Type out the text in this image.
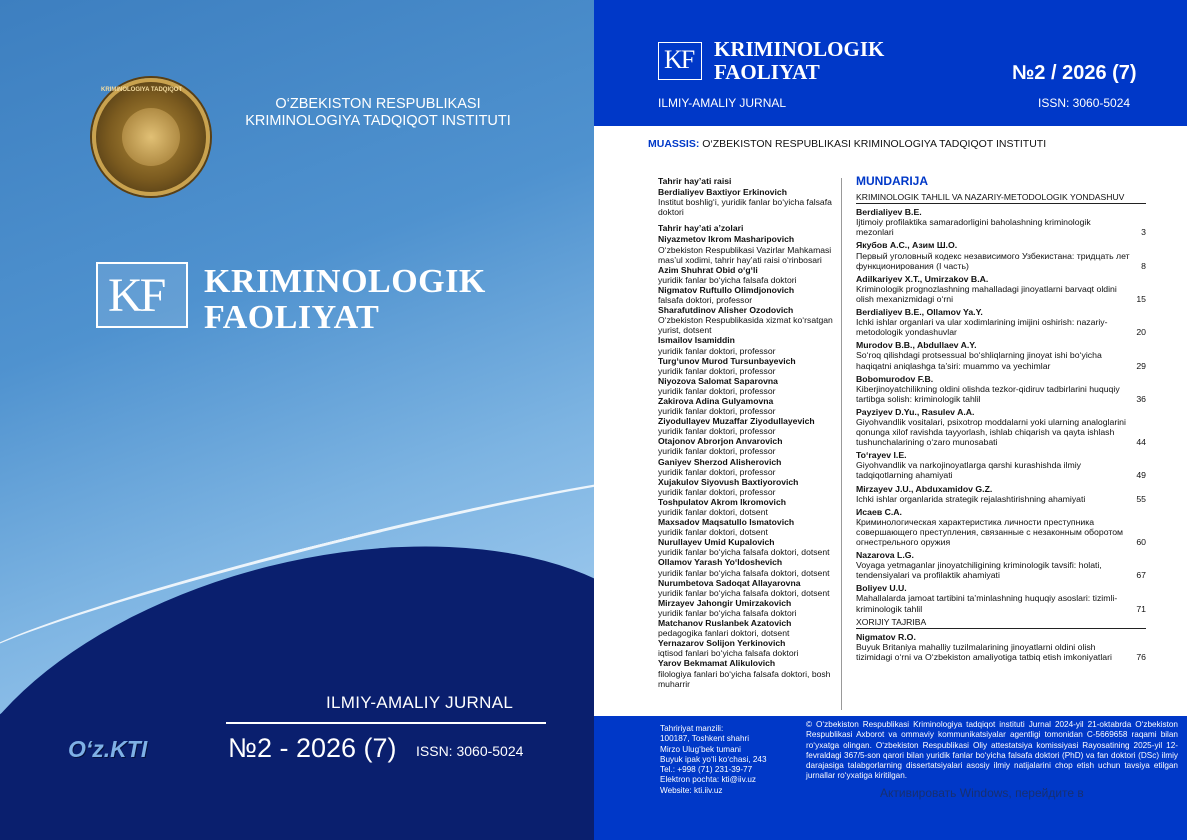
KRIMINOLOGIYA TADQIQOT
O‘ZBEKISTON RESPUBLIKASI
KRIMINOLOGIYA TADQIQOT INSTITUTI
KF KRIMINOLOGIK
FAOLIYAT
ILMIY-AMALIY JURNAL
O‘z.KTI	№2 - 2026 (7) ISSN: 3060-5024
KF KRIMINOLOGIK
FAOLIYAT	№2 / 2026 (7)
ILMIY-AMALIY JURNAL	ISSN: 3060-5024
MUASSIS: O‘ZBEKISTON RESPUBLIKASI KRIMINOLOGIYA TADQIQOT INSTITUTI
Tahrir hay’ati raisi
Berdialiyev Baxtiyor Erkinovich
Institut boshlig‘i, yuridik fanlar bo‘yicha falsafa doktori
Tahrir hay’ati a’zolari
Niyazmetov Ikrom Masharipovich
O‘zbekiston Respublikasi Vazirlar Mahkamasi mas’ul xodimi, tahrir hay’ati raisi o‘rinbosari
Azim Shuhrat Obid o‘g‘li
yuridik fanlar bo‘yicha falsafa doktori
Nigmatov Ruftullo Olimdjonovich
falsafa doktori, professor
Sharafutdinov Alisher Ozodovich
O‘zbekiston Respublikasida xizmat ko‘rsatgan yurist, dotsent
Ismailov Isamiddin
yuridik fanlar doktori, professor
Turg‘unov Murod Tursunbayevich
yuridik fanlar doktori, professor
Niyozova Salomat Saparovna
yuridik fanlar doktori, professor
Zakirova Adina Gulyamovna
yuridik fanlar doktori, professor
Ziyodullayev Muzaffar Ziyodullayevich
yuridik fanlar doktori, professor
Otajonov Abrorjon Anvarovich
yuridik fanlar doktori, professor
Ganiyev Sherzod Alisherovich
yuridik fanlar doktori, professor
Xujakulov Siyovush Baxtiyorovich
yuridik fanlar doktori, professor
Toshpulatov Akrom Ikromovich
yuridik fanlar doktori, dotsent
Maxsadov Maqsatullo Ismatovich
yuridik fanlar doktori, dotsent
Nurullayev Umid Kupalovich
yuridik fanlar bo‘yicha falsafa doktori, dotsent
Ollamov Yarash Yo‘ldoshevich
yuridik fanlar bo‘yicha falsafa doktori, dotsent
Nurumbetova Sadoqat Allayarovna
yuridik fanlar bo‘yicha falsafa doktori, dotsent
Mirzayev Jahongir Umirzakovich
yuridik fanlar bo‘yicha falsafa doktori
Matchanov Ruslanbek Azatovich
pedagogika fanlari doktori, dotsent
Yernazarov Solijon Yerkinovich
iqtisod fanlari bo‘yicha falsafa doktori
Yarov Bekmamat Alikulovich
filologiya fanlari bo‘yicha falsafa doktori, bosh muharrir
MUNDARIJA
KRIMINOLOGIK TAHLIL VA NAZARIY-METODOLOGIK YONDASHUV
Berdialiyev B.E.
Ijtimoiy profilaktika samaradorligini baholashning kriminologik mezonlari	3
Якубов А.С., Азим Ш.О.
Первый уголовный кодекс независимого Узбекистана: тридцать лет функционирования (I часть)	8
Adilkariyev X.T., Umirzakov B.A.
Kriminologik prognozlashning mahalladagi jinoyatlarni barvaqt oldini olish mexanizmidagi o‘rni	15
Berdialiyev B.E., Ollamov Ya.Y.
Ichki ishlar organlari va ular xodimlarining imijini oshirish: nazariy-metodologik yondashuvlar	20
Murodov B.B., Abdullaev A.Y.
So‘roq qilishdagi protsessual bo‘shliqlarning jinoyat ishi bo‘yicha haqiqatni aniqlashga ta’siri: muammo va yechimlar	29
Bobomurodov F.B.
Kiberjinoyatchilikning oldini olishda tezkor-qidiruv tadbirlarini huquqiy tartibga solish: kriminologik tahlil	36
Payziyev D.Yu., Rasulev A.A.
Giyohvandlik vositalari, psixotrop moddalarni yoki ularning analoglarini qonunga xilof ravishda tayyorlash, ishlab chiqarish va qayta ishlash tushunchalarining o‘zaro munosabati	44
To‘rayev I.E.
Giyohvandlik va narkojinoyatlarga qarshi kurashishda ilmiy tadqiqotlarning ahamiyati	49
Mirzayev J.U., Abduxamidov G.Z.
Ichki ishlar organlarida strategik rejalashtirishning ahamiyati	55
Исаев С.А.
Криминологическая характеристика личности преступника совершающего преступления, связанные с незаконным оборотом огнестрельного оружия	60
Nazarova L.G.
Voyaga yetmaganlar jinoyatchiligining kriminologik tavsifi: holati, tendensiyalari va profilaktik ahamiyati	67
Boliyev U.U.
Mahallalarda jamoat tartibini ta’minlashning huquqiy asoslari: tizimli-kriminologik tahlil	71
XORIJIY TAJRIBA
Nigmatov R.O.
Buyuk Britaniya mahalliy tuzilmalarining jinoyatlarni oldini olish tizimidagi o‘rni va O‘zbekiston amaliyotiga tatbiq etish imkoniyatlari	76
Tahririyat manzili:
100187, Toshkent shahri
Mirzo Ulug‘bek tumani
Buyuk ipak yo‘li ko‘chasi, 243
Tel.: +998 (71) 231-39-77
Elektron pochta: kti@iiv.uz
Website: kti.iiv.uz
© O‘zbekiston Respublikasi Kriminologiya tadqiqot instituti Jurnal 2024-yil 21-oktabrda O‘zbekiston Respublikasi Axborot va ommaviy kommunikatsiyalar agentligi tomonidan C-5669658 raqami bilan ro‘yxatga olingan. O‘zbekiston Respublikasi Oliy attestatsiya komissiyasi Rayosatining 2025-yil 12-fevraldagi 367/5-son qarori bilan yuridik fanlar bo‘yicha falsafa doktori (PhD) va fan doktori (DSc) ilmiy darajasiga talabgorlarning dissertatsiyalari asosiy ilmiy natijalarini chop etish uchun tavsiya etilgan jurnallar ro‘yxatiga kiritilgan.
Активировать Windows, перейдите в
